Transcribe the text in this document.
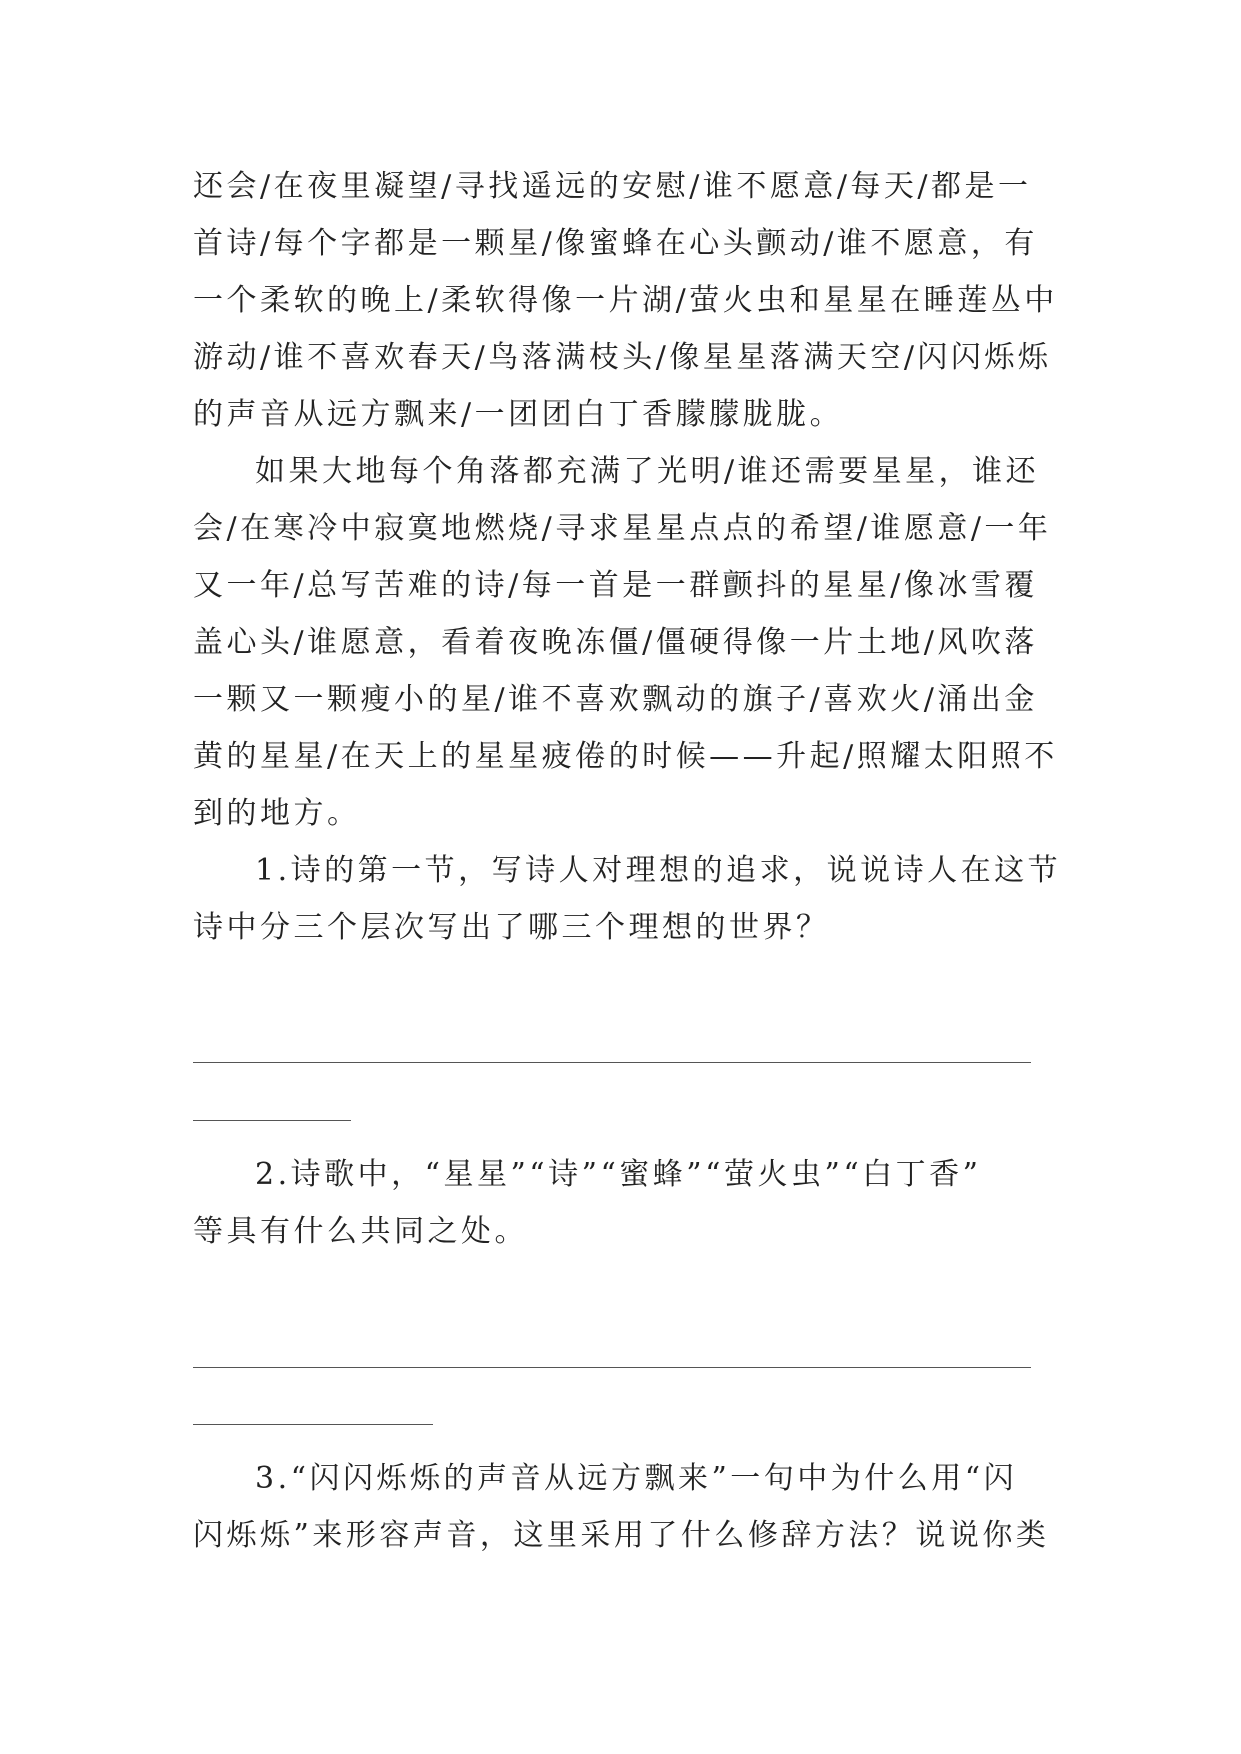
还会/在夜里凝望/寻找遥远的安慰/谁不愿意/每天/都是一
首诗/每个字都是一颗星/像蜜蜂在心头颤动/谁不愿意，有
一个柔软的晚上/柔软得像一片湖/萤火虫和星星在睡莲丛中
游动/谁不喜欢春天/鸟落满枝头/像星星落满天空/闪闪烁烁
的声音从远方飘来/一团团白丁香朦朦胧胧。
如果大地每个角落都充满了光明/谁还需要星星，谁还
会/在寒冷中寂寞地燃烧/寻求星星点点的希望/谁愿意/一年
又一年/总写苦难的诗/每一首是一群颤抖的星星/像冰雪覆
盖心头/谁愿意，看着夜晚冻僵/僵硬得像一片土地/风吹落
一颗又一颗瘦小的星/谁不喜欢飘动的旗子/喜欢火/涌出金
黄的星星/在天上的星星疲倦的时候——升起/照耀太阳照不
到的地方。
1.诗的第一节，写诗人对理想的追求，说说诗人在这节
诗中分三个层次写出了哪三个理想的世界？
2.诗歌中，“星星”“诗”“蜜蜂”“萤火虫”“白丁香”
等具有什么共同之处。
3.“闪闪烁烁的声音从远方飘来”一句中为什么用“闪
闪烁烁”来形容声音，这里采用了什么修辞方法？说说你类
